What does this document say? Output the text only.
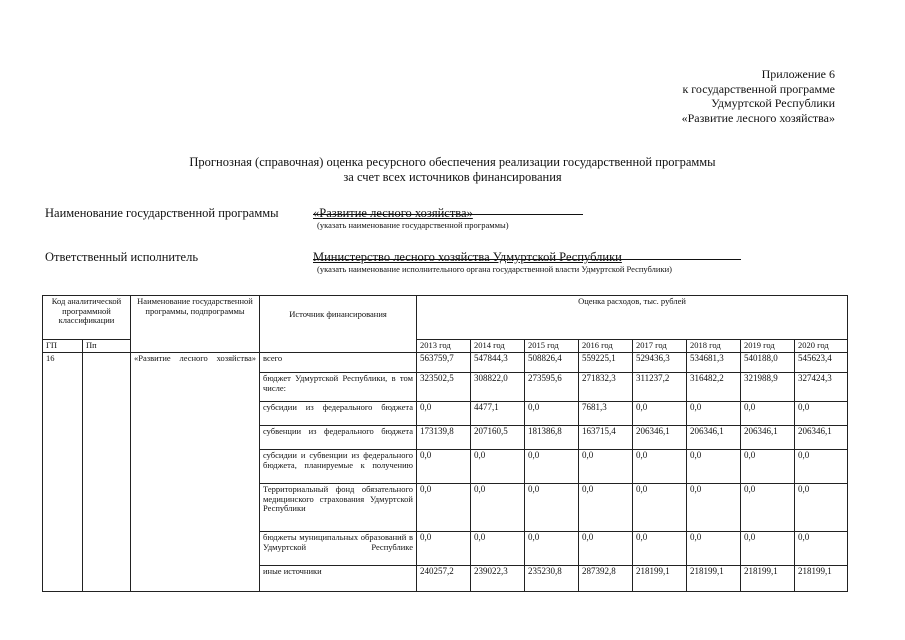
Приложение 6
к государственной программе
Удмуртской Республики
«Развитие лесного хозяйства»
Прогнозная (справочная) оценка ресурсного обеспечения реализации государственной программы
за счет всех источников финансирования
Наименование государственной программы	«Развитие лесного хозяйства»
(указать наименование государственной программы)
Ответственный исполнитель	Министерство лесного хозяйства Удмуртской Республики
(указать наименование исполнительного органа государственной власти Удмуртской Республики)
Код аналитической программной классификации		Наименование государственной программы, подпрограммы	Источник финансирования	Оценка расходов, тыс. рублей							
ГП	Пп			2013 год	2014 год	2015 год	2016 год	2017 год	2018 год	2019 год	2020 год
16		«Развитие лесного хозяйства»	всего	563759,7	547844,3	508826,4	559225,1	529436,3	534681,3	540188,0	545623,4
			бюджет Удмуртской Республики, в том числе:	323502,5	308822,0	273595,6	271832,3	311237,2	316482,2	321988,9	327424,3
			субсидии из федерального бюджета	0,0	4477,1	0,0	7681,3	0,0	0,0	0,0	0,0
			субвенции из федерального бюджета	173139,8	207160,5	181386,8	163715,4	206346,1	206346,1	206346,1	206346,1
			субсидии и субвенции из федерального бюджета, планируемые к получению	0,0	0,0	0,0	0,0	0,0	0,0	0,0	0,0
			Территориальный фонд обязательного медицинского страхования Удмуртской Республики	0,0	0,0	0,0	0,0	0,0	0,0	0,0	0,0
			бюджеты муниципальных образований в Удмуртской Республике	0,0	0,0	0,0	0,0	0,0	0,0	0,0	0,0
			иные источники	240257,2	239022,3	235230,8	287392,8	218199,1	218199,1	218199,1	218199,1
